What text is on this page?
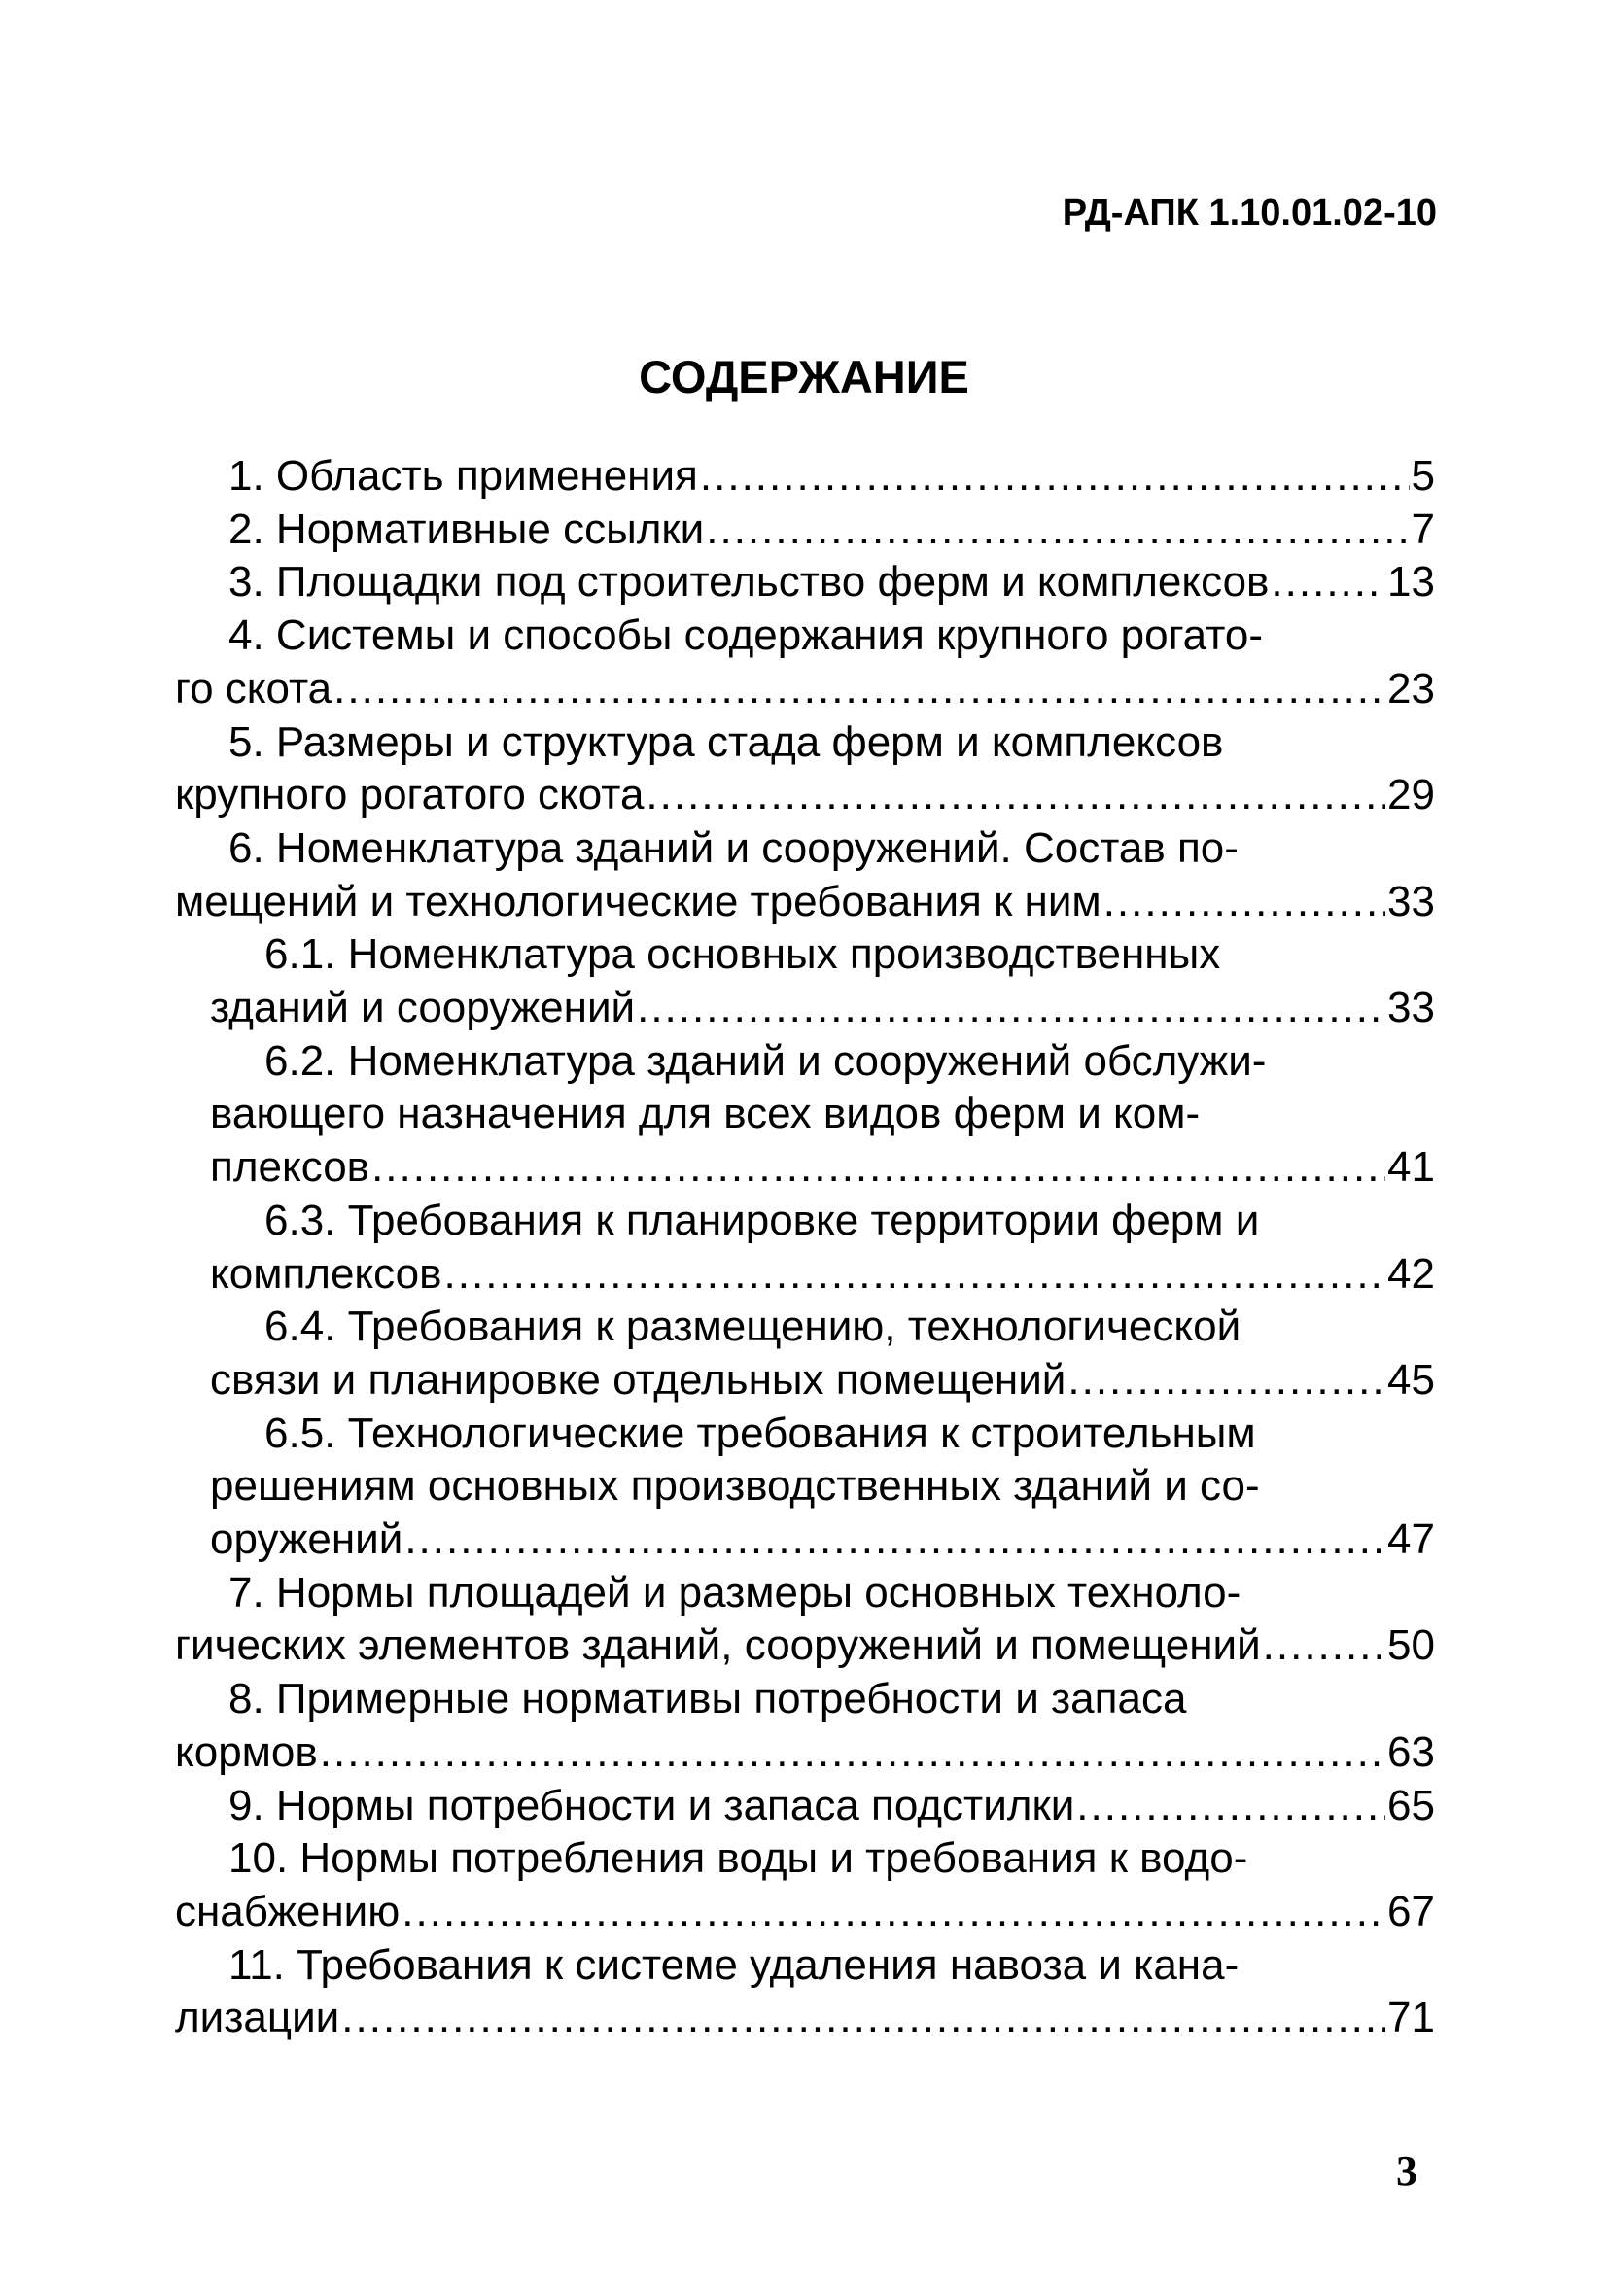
РД-АПК 1.10.01.02-10
СОДЕРЖАНИЕ
1. Область применения .....	5
2. Нормативные ссылки .....	7
3. Площадки под строительство ферм и комплексов .....	13
4. Системы и способы содержания крупного рогато-
го скота .....	23
5. Размеры и структура стада ферм и комплексов
крупного рогатого скота .....	29
6. Номенклатура зданий и сооружений. Состав по-
мещений и технологические требования к ним .....	33
6.1. Номенклатура основных производственных
зданий и сооружений .....	33
6.2. Номенклатура зданий и сооружений обслужи-
вающего назначения для всех видов ферм и ком-
плексов .....	41
6.3. Требования к планировке территории ферм и
комплексов .....	42
6.4. Требования к размещению, технологической
связи и планировке отдельных помещений .....	45
6.5. Технологические требования к строительным
решениям основных производственных зданий и со-
оружений .....	47
7. Нормы площадей и размеры основных техноло-
гических элементов зданий, сооружений и помещений .....	50
8. Примерные нормативы потребности и запаса
кормов .....	63
9. Нормы потребности и запаса подстилки .....	65
10. Нормы потребления воды и требования к водо-
снабжению .....	67
11. Требования к системе удаления навоза и кана-
лизации .....	71
3
